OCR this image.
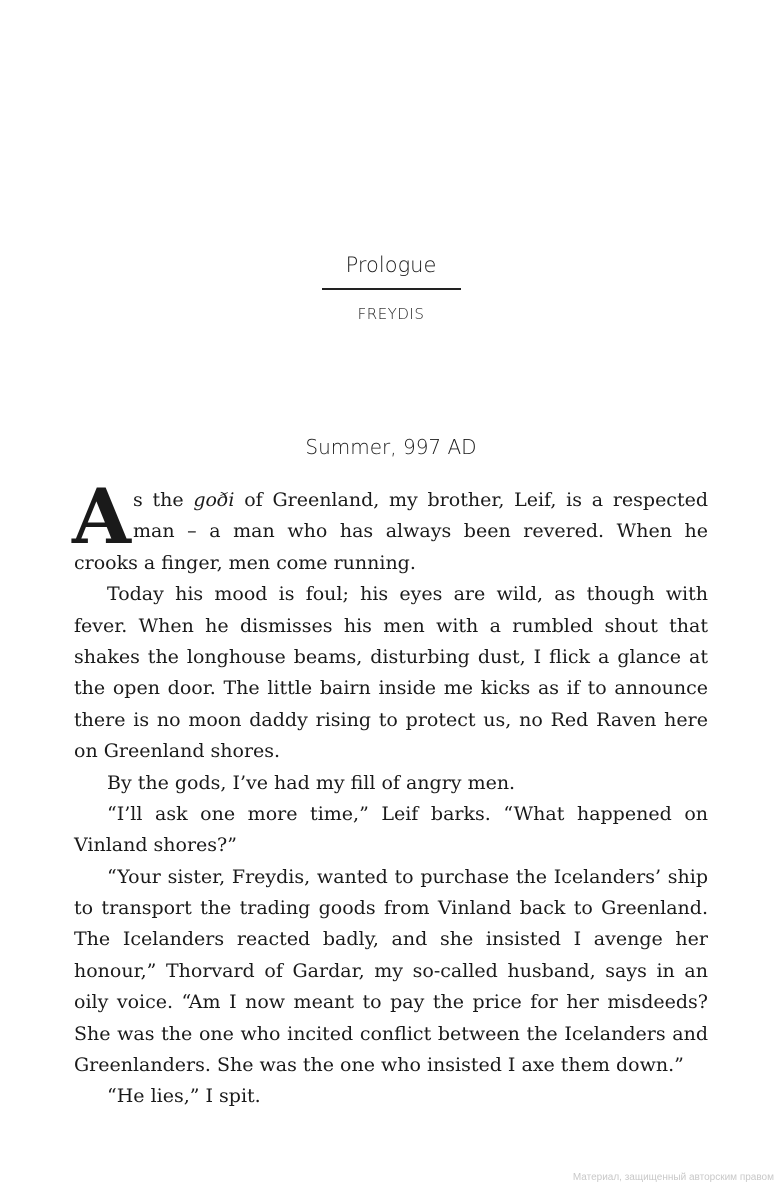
Prologue
FREYDIS
Summer, 997 AD
A s the goði of Greenland, my brother, Leif, is a respected
man – a man who has always been revered. When he
crooks a finger, men come running.
Today his mood is foul; his eyes are wild, as though with
fever. When he dismisses his men with a rumbled shout that
shakes the longhouse beams, disturbing dust, I flick a glance at
the open door. The little bairn inside me kicks as if to announce
there is no moon daddy rising to protect us, no Red Raven here
on Greenland shores.
By the gods, I’ve had my fill of angry men.
“I’ll ask one more time,” Leif barks. “What happened on
Vinland shores?”
“Your sister, Freydis, wanted to purchase the Icelanders’ ship
to transport the trading goods from Vinland back to Greenland.
The Icelanders reacted badly, and she insisted I avenge her
honour,” Thorvard of Gardar, my so-called husband, says in an
oily voice. “Am I now meant to pay the price for her misdeeds?
She was the one who incited conflict between the Icelanders and
Greenlanders. She was the one who insisted I axe them down.”
“He lies,” I spit.
Материал, защищенный авторским правом
